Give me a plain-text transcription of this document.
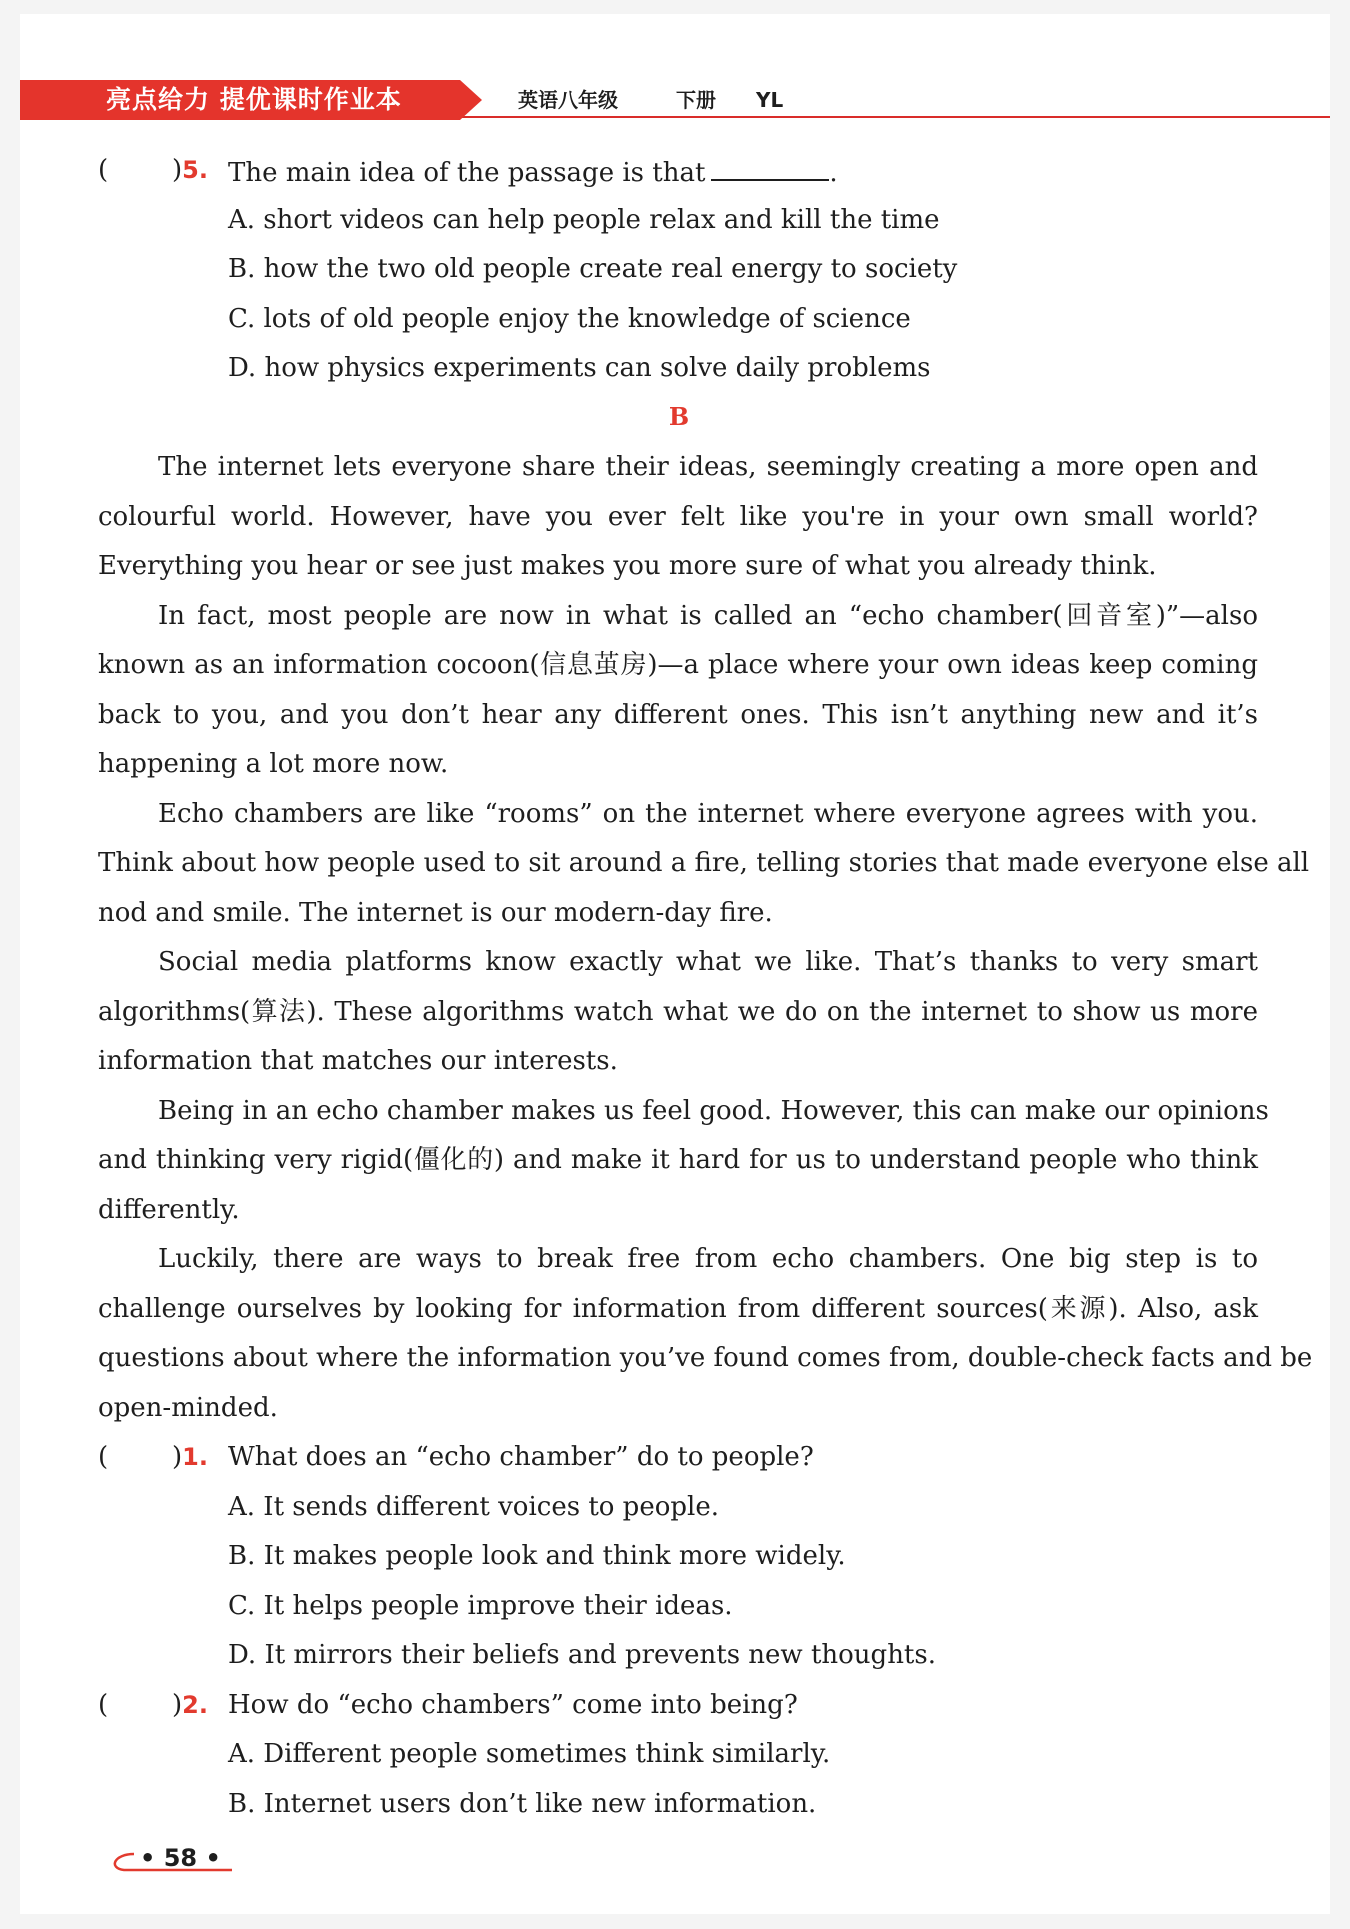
亮点给力 提优课时作业本	英语八年级	下册 YL
( )5. The main idea of the passage is that	.
A. short videos can help people relax and kill the time
B. how the two old people create real energy to society
C. lots of old people enjoy the knowledge of science
D. how physics experiments can solve daily problems
B
The internet lets everyone share their ideas, seemingly creating a more open and
colourful world. However, have you ever felt like you're in your own small world?
Everything you hear or see just makes you more sure of what you already think.
In fact, most people are now in what is called an “echo chamber(回音室)”—also
known as an information cocoon(信息茧房)—a place where your own ideas keep coming
back to you, and you don’t hear any different ones. This isn’t anything new and it’s
happening a lot more now.
Echo chambers are like “rooms” on the internet where everyone agrees with you.
Think about how people used to sit around a fire, telling stories that made everyone else all
nod and smile. The internet is our modern-day fire.
Social media platforms know exactly what we like. That’s thanks to very smart
algorithms(算法). These algorithms watch what we do on the internet to show us more
information that matches our interests.
Being in an echo chamber makes us feel good. However, this can make our opinions
and thinking very rigid(僵化的) and make it hard for us to understand people who think
differently.
Luckily, there are ways to break free from echo chambers. One big step is to
challenge ourselves by looking for information from different sources(来源). Also, ask
questions about where the information you’ve found comes from, double-check facts and be
open-minded.
( )1. What does an “echo chamber” do to people?
A. It sends different voices to people.
B. It makes people look and think more widely.
C. It helps people improve their ideas.
D. It mirrors their beliefs and prevents new thoughts.
( )2. How do “echo chambers” come into being?
A. Different people sometimes think similarly.
B. Internet users don’t like new information.
• 58 •
